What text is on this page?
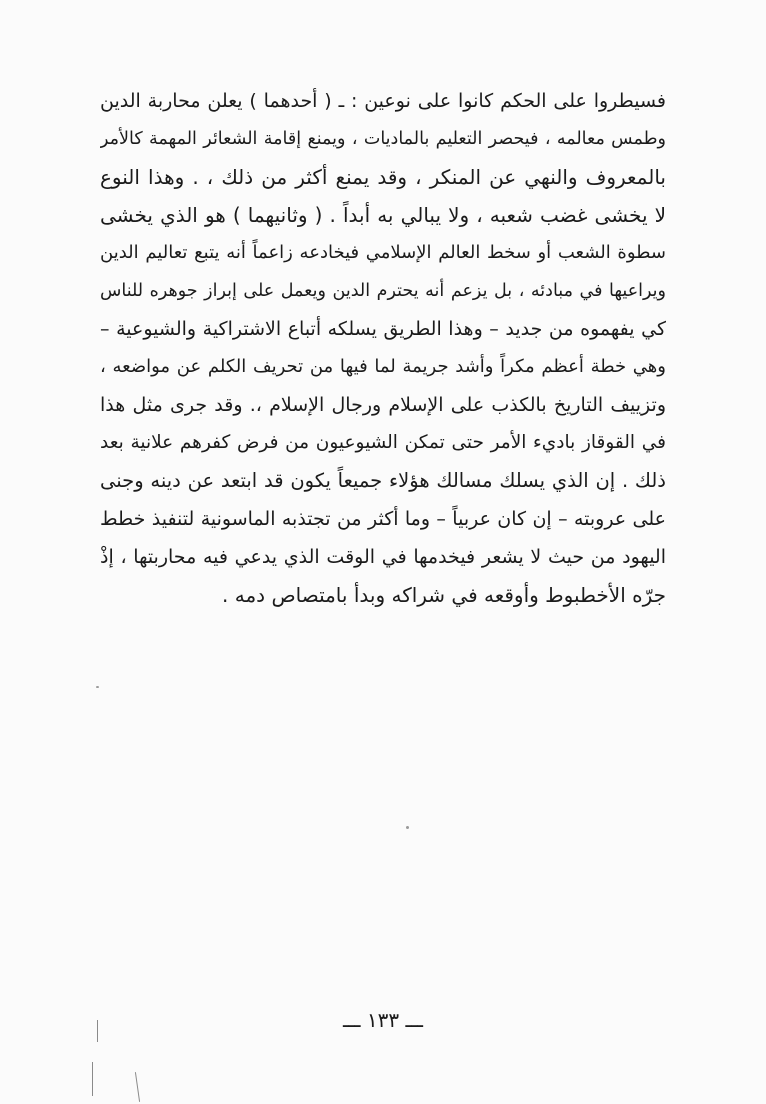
فسيطروا على الحكم كانوا على نوعين : ـ ( أحدهما ) يعلن محاربة الدين
وطمس معالمه ، فيحصر التعليم بالماديات ، ويمنع إقامة الشعائر المهمة كالأمر
بالمعروف والنهي عن المنكر ، وقد يمنع أكثر من ذلك ، . وهذا النوع
لا يخشى غضب شعبه ، ولا يبالي به أبداً . ( وثانيهما ) هو الذي يخشى
سطوة الشعب أو سخط العالم الإسلامي فيخادعه زاعماً أنه يتبع تعاليم الدين
ويراعيها في مبادئه ، بل يزعم أنه يحترم الدين ويعمل على إبراز جوهره للناس
كي يفهموه من جديد – وهذا الطريق يسلكه أتباع الاشتراكية والشيوعية –
وهي خطة أعظم مكراً وأشد جريمة لما فيها من تحريف الكلم عن مواضعه ،
وتزييف التاريخ بالكذب على الإسلام ورجال الإسلام ،. وقد جرى مثل هذا
في القوقاز باديء الأمر حتى تمكن الشيوعيون من فرض كفرهم علانية بعد
ذلك . إن الذي يسلك مسالك هؤلاء جميعاً يكون قد ابتعد عن دينه وجنى
على عروبته – إن كان عربياً – وما أكثر من تجتذبه الماسونية لتنفيذ خطط
اليهود من حيث لا يشعر فيخدمها في الوقت الذي يدعي فيه محاربتها ، إذْ
جرّه الأخطبوط وأوقعه في شراكه وبدأ بامتصاص دمه .
ـــ ١٣٣ ـــ
